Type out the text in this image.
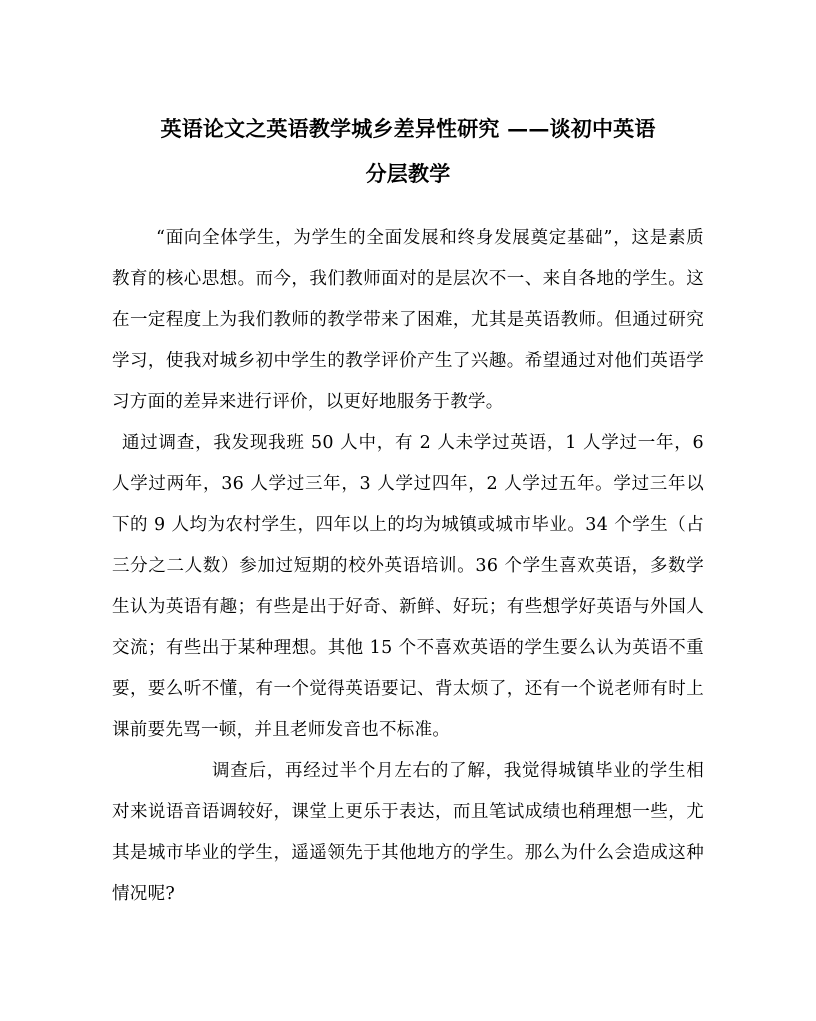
英语论文之英语教学城乡差异性研究 ——谈初中英语
分层教学

“面向全体学生，为学生的全面发展和终身发展奠定基础”，这是素质教育的核心思想。而今，我们教师面对的是层次不一、来自各地的学生。这在一定程度上为我们教师的教学带来了困难，尤其是英语教师。但通过研究学习，使我对城乡初中学生的教学评价产生了兴趣。希望通过对他们英语学习方面的差异来进行评价，以更好地服务于教学。

通过调查，我发现我班 50 人中，有 2 人未学过英语，1 人学过一年，6 人学过两年，36 人学过三年，3 人学过四年，2 人学过五年。学过三年以下的 9 人均为农村学生，四年以上的均为城镇或城市毕业。34 个学生（占三分之二人数）参加过短期的校外英语培训。36 个学生喜欢英语，多数学生认为英语有趣；有些是出于好奇、新鲜、好玩；有些想学好英语与外国人交流；有些出于某种理想。其他 15 个不喜欢英语的学生要么认为英语不重要，要么听不懂，有一个觉得英语要记、背太烦了，还有一个说老师有时上课前要先骂一顿，并且老师发音也不标准。

调查后，再经过半个月左右的了解，我觉得城镇毕业的学生相对来说语音语调较好，课堂上更乐于表达，而且笔试成绩也稍理想一些，尤其是城市毕业的学生，遥遥领先于其他地方的学生。那么为什么会造成这种情况呢?
